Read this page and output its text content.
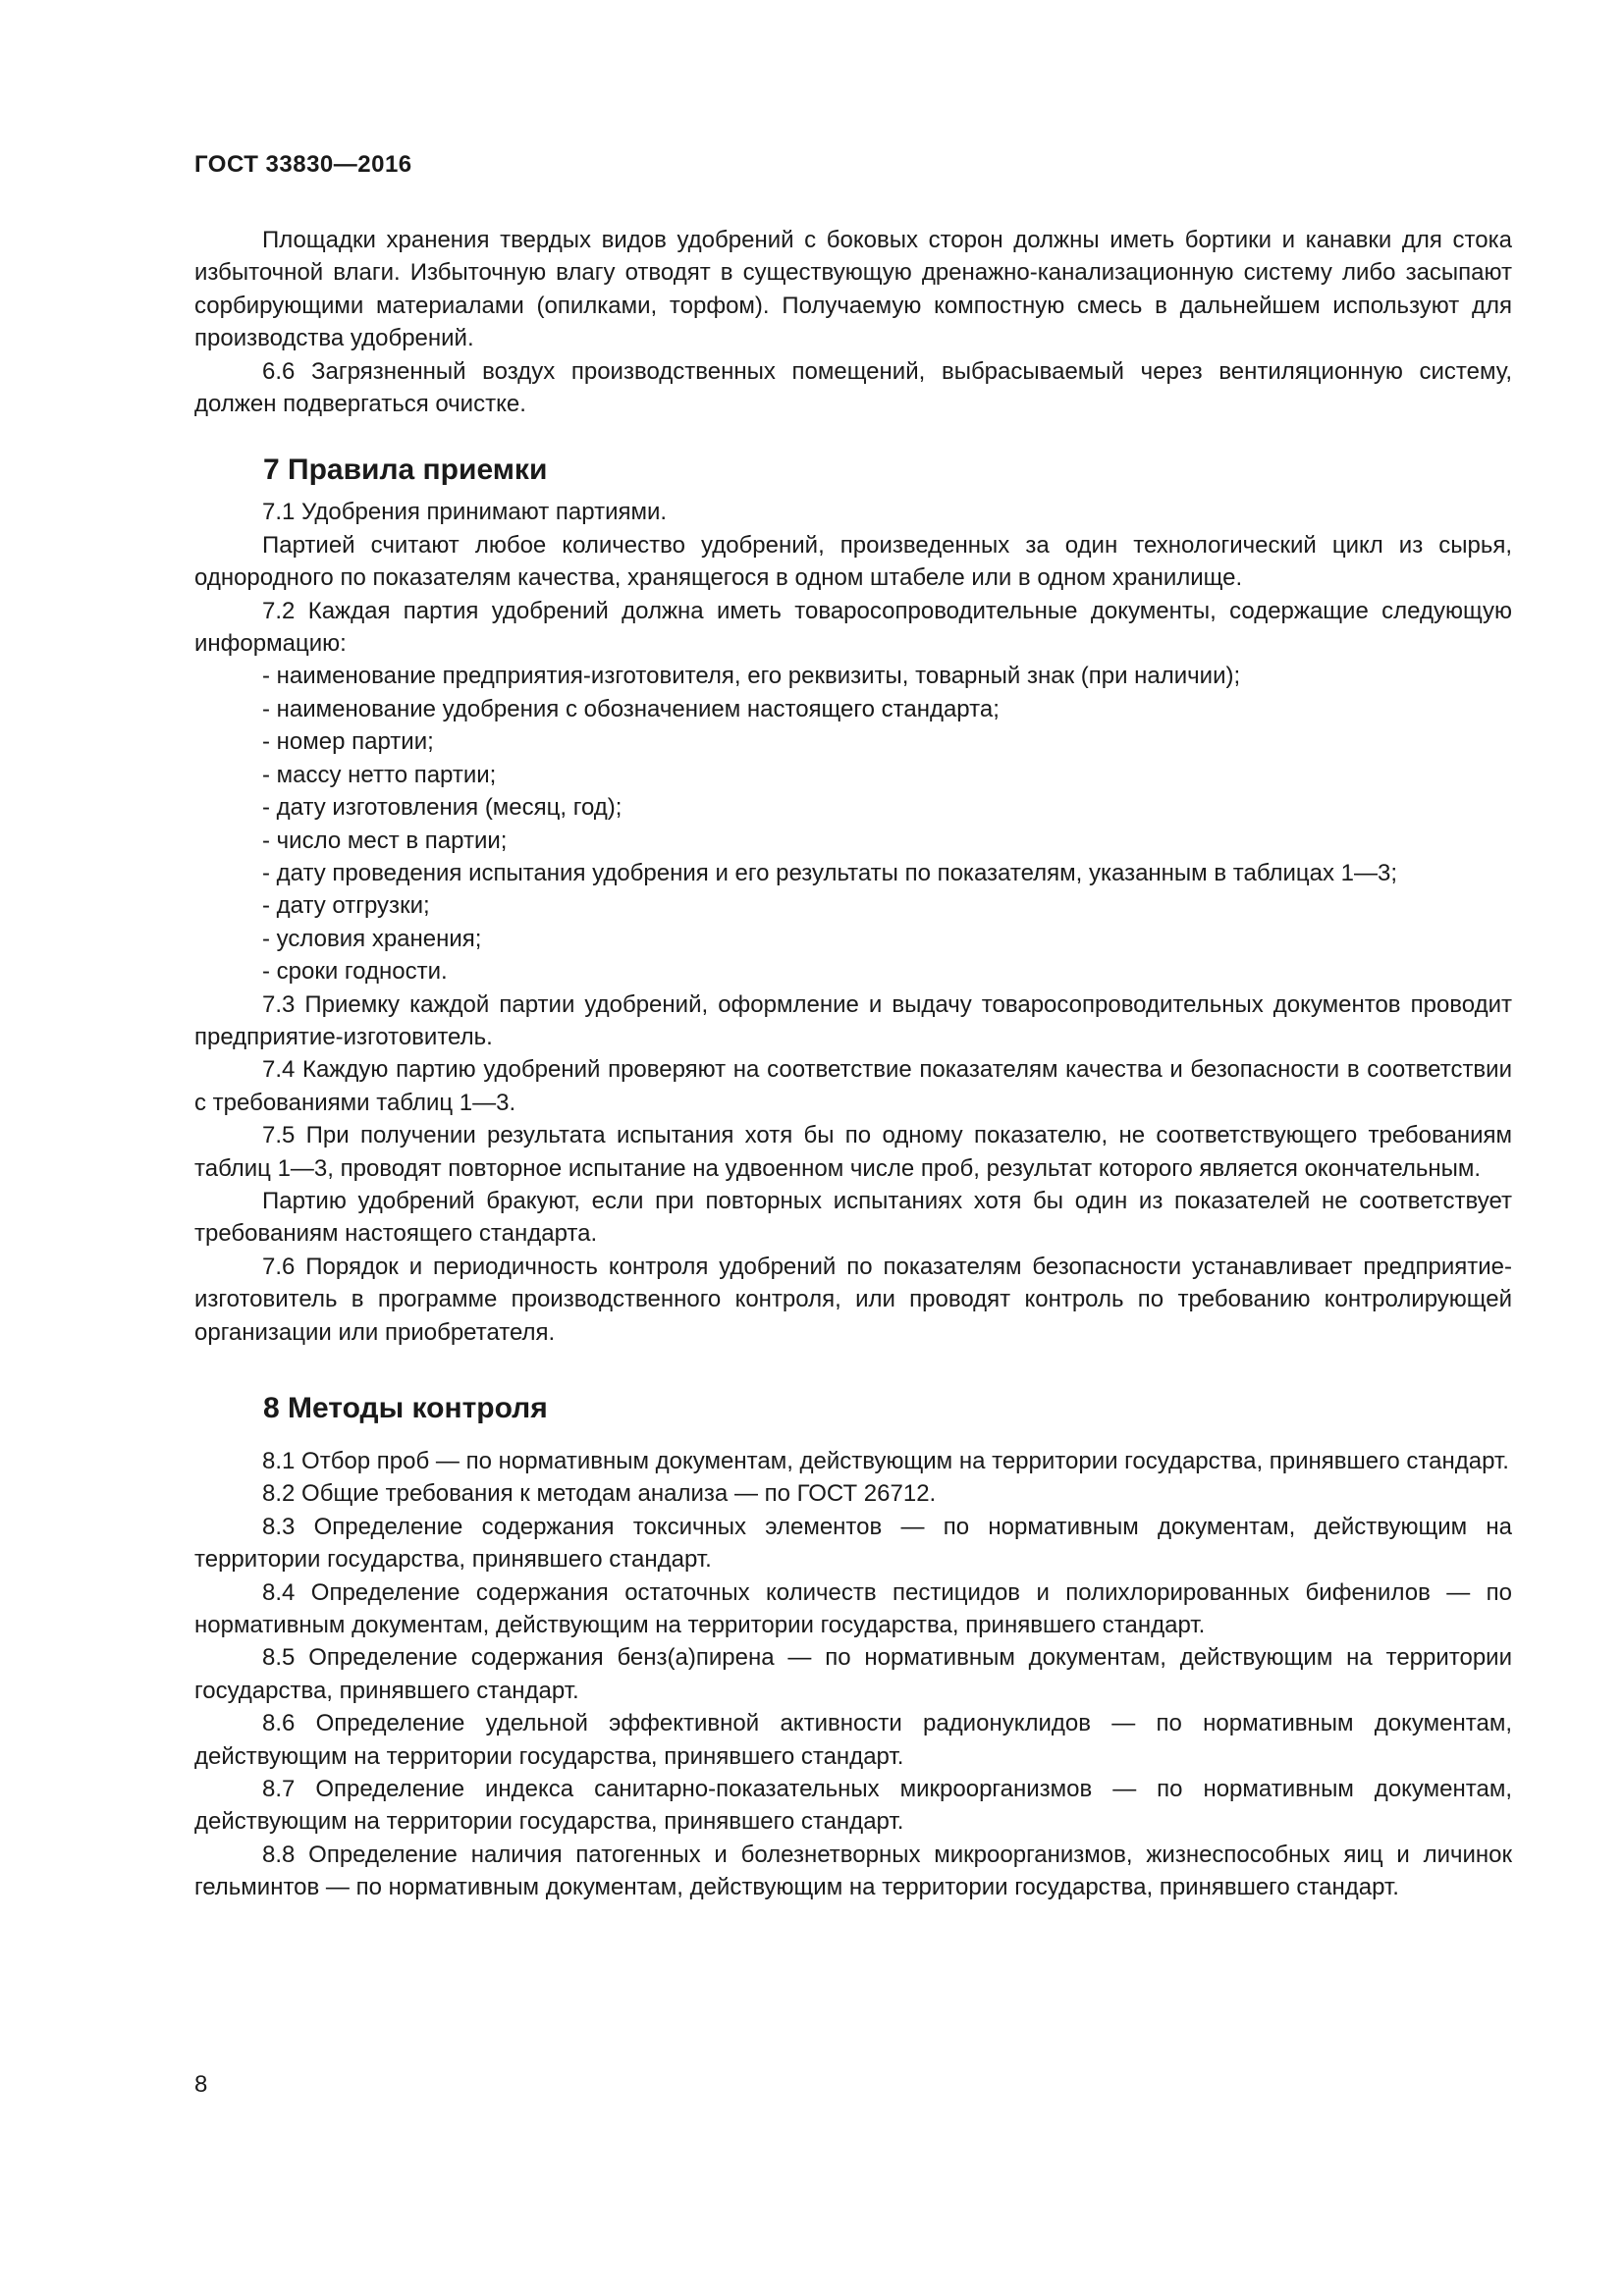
ГОСТ 33830—2016

Площадки хранения твердых видов удобрений с боковых сторон должны иметь бортики и канавки для стока избыточной влаги. Избыточную влагу отводят в существующую дренажно-канализационную систему либо засыпают сорбирующими материалами (опилками, торфом). Получаемую компостную смесь в дальнейшем используют для производства удобрений.

6.6 Загрязненный воздух производственных помещений, выбрасываемый через вентиляционную систему, должен подвергаться очистке.

7 Правила приемки

7.1 Удобрения принимают партиями.

Партией считают любое количество удобрений, произведенных за один технологический цикл из сырья, однородного по показателям качества, хранящегося в одном штабеле или в одном хранилище.

7.2 Каждая партия удобрений должна иметь товаросопроводительные документы, содержащие следующую информацию:

- наименование предприятия-изготовителя, его реквизиты, товарный знак (при наличии);

- наименование удобрения с обозначением настоящего стандарта;

- номер партии;

- массу нетто партии;

- дату изготовления (месяц, год);

- число мест в партии;

- дату проведения испытания удобрения и его результаты по показателям, указанным в таблицах 1—3;

- дату отгрузки;

- условия хранения;

- сроки годности.

7.3 Приемку каждой партии удобрений, оформление и выдачу товаросопроводительных документов проводит предприятие-изготовитель.

7.4 Каждую партию удобрений проверяют на соответствие показателям качества и безопасности в соответствии с требованиями таблиц 1—3.

7.5 При получении результата испытания хотя бы по одному показателю, не соответствующего требованиям таблиц 1—3, проводят повторное испытание на удвоенном числе проб, результат которого является окончательным.

Партию удобрений бракуют, если при повторных испытаниях хотя бы один из показателей не соответствует требованиям настоящего стандарта.

7.6 Порядок и периодичность контроля удобрений по показателям безопасности устанавливает предприятие-изготовитель в программе производственного контроля, или проводят контроль по требованию контролирующей организации или приобретателя.

8 Методы контроля

8.1 Отбор проб — по нормативным документам, действующим на территории государства, принявшего стандарт.

8.2 Общие требования к методам анализа — по ГОСТ 26712.

8.3 Определение содержания токсичных элементов — по нормативным документам, действующим на территории государства, принявшего стандарт.

8.4 Определение содержания остаточных количеств пестицидов и полихлорированных бифенилов — по нормативным документам, действующим на территории государства, принявшего стандарт.

8.5 Определение содержания бенз(а)пирена — по нормативным документам, действующим на территории государства, принявшего стандарт.

8.6 Определение удельной эффективной активности радионуклидов — по нормативным документам, действующим на территории государства, принявшего стандарт.

8.7 Определение индекса санитарно-показательных микроорганизмов — по нормативным документам, действующим на территории государства, принявшего стандарт.

8.8 Определение наличия патогенных и болезнетворных микроорганизмов, жизнеспособных яиц и личинок гельминтов — по нормативным документам, действующим на территории государства, принявшего стандарт.

8
